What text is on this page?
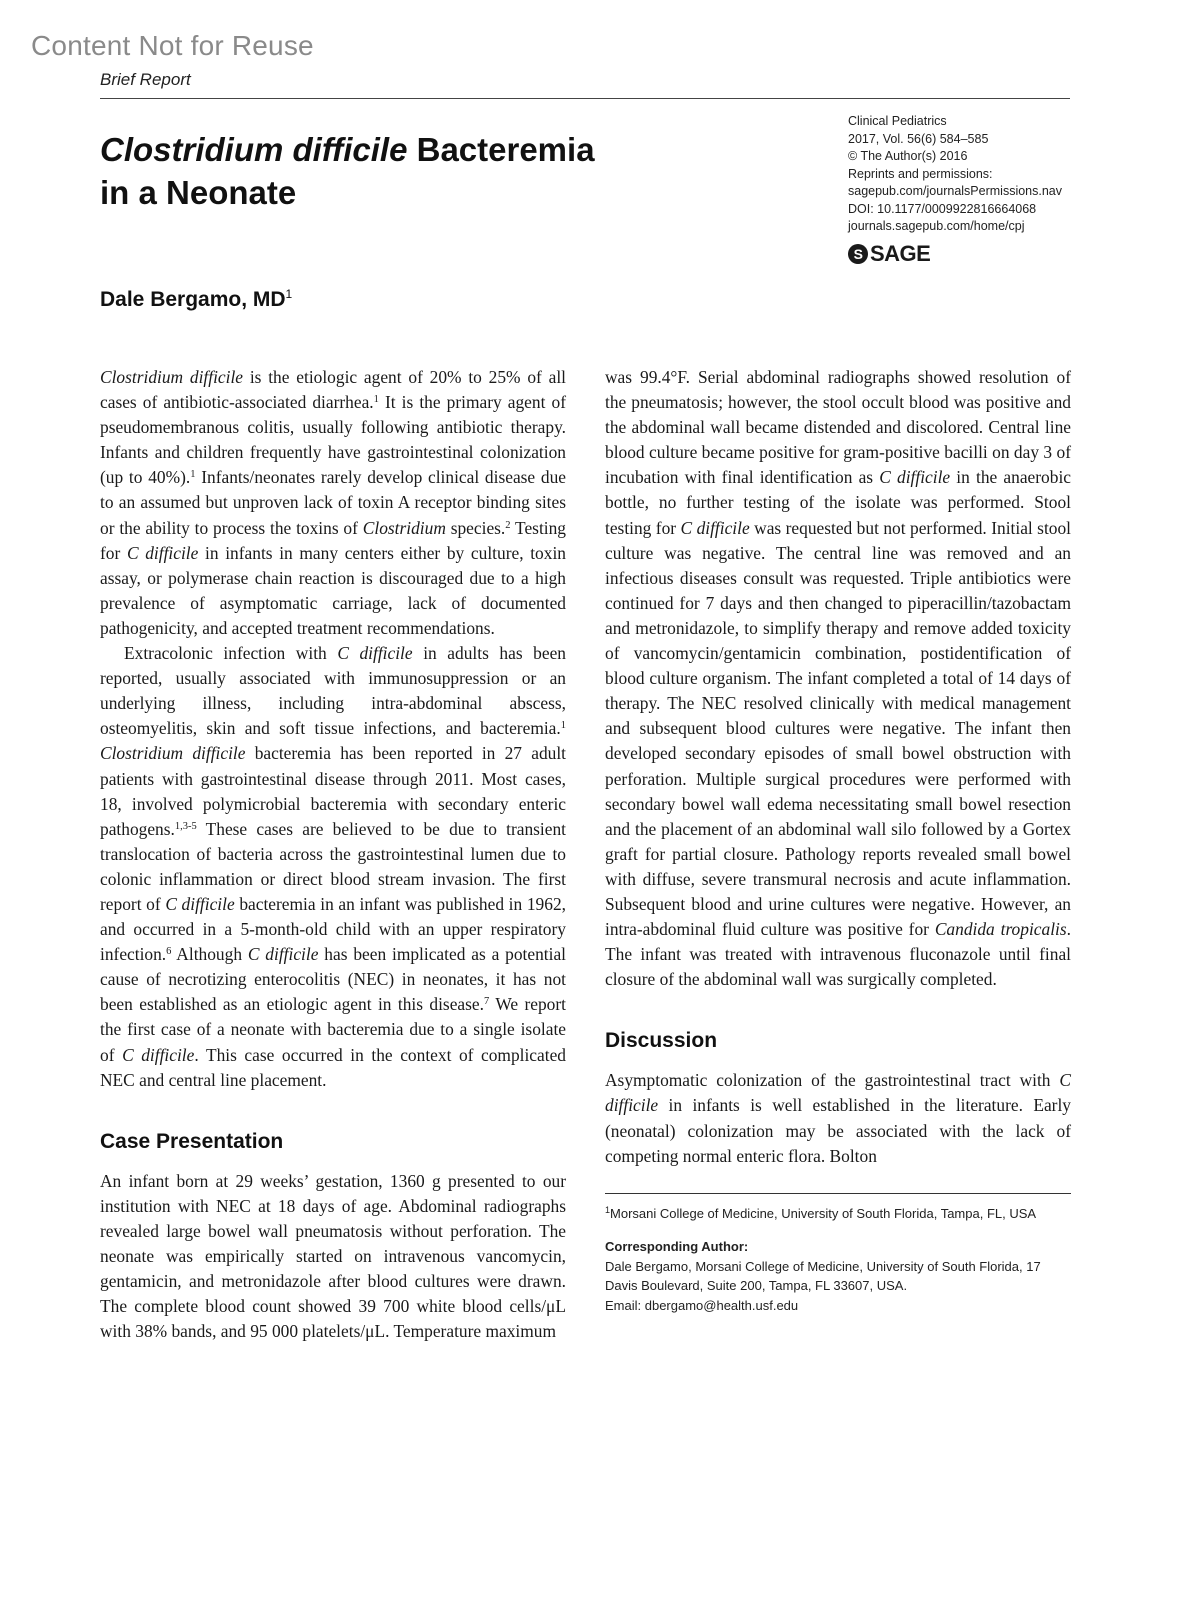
Content Not for Reuse
Brief Report
Clostridium difficile Bacteremia
in a Neonate
Clinical Pediatrics
2017, Vol. 56(6) 584–585
© The Author(s) 2016
Reprints and permissions:
sagepub.com/journalsPermissions.nav
DOI: 10.1177/0009922816664068
journals.sagepub.com/home/cpj
S SAGE
Dale Bergamo, $MD^1$

Clostridium difficile is the etiologic agent of 20% to 25% of all cases of antibiotic-associated diarrhea.$^1$ It is the primary agent of pseudomembranous colitis, usually following antibiotic therapy. Infants and children frequently have gastrointestinal colonization (up to 40%).$^1$ Infants/neonates rarely develop clinical disease due to an assumed but unproven lack of toxin A receptor binding sites or the ability to process the toxins of Clostridium species.$^2$ Testing for C difficile in infants in many centers either by culture, toxin assay, or polymerase chain reaction is discouraged due to a high prevalence of asymptomatic carriage, lack of documented pathogenicity, and accepted treatment recommendations.

Extracolonic infection with C difficile in adults has been reported, usually associated with immunosuppression or an underlying illness, including intra-abdominal abscess, osteomyelitis, skin and soft tissue infections, and bacteremia.$^1$ Clostridium difficile bacteremia has been reported in 27 adult patients with gastrointestinal disease through 2011. Most cases, 18, involved polymicrobial bacteremia with secondary enteric pathogens.$^{1,3-5}$ These cases are believed to be due to transient translocation of bacteria across the gastrointestinal lumen due to colonic inflammation or direct blood stream invasion. The first report of C difficile bacteremia in an infant was published in 1962, and occurred in a 5-month-old child with an upper respiratory infection.$^6$ Although C difficile has been implicated as a potential cause of necrotizing enterocolitis (NEC) in neonates, it has not been established as an etiologic agent in this disease.$^7$ We report the first case of a neonate with bacteremia due to a single isolate of C difficile. This case occurred in the context of complicated NEC and central line placement.

Case Presentation

An infant born at 29 weeks’ gestation, 1360 g presented to our institution with NEC at 18 days of age. Abdominal radiographs revealed large bowel wall pneumatosis without perforation. The neonate was empirically started on intravenous vancomycin, gentamicin, and metronidazole after blood cultures were drawn. The complete blood count showed 39 700 white blood cells/μL with 38% bands, and 95 000 platelets/μL. Temperature maximum

was 99.4°F. Serial abdominal radiographs showed resolution of the pneumatosis; however, the stool occult blood was positive and the abdominal wall became distended and discolored. Central line blood culture became positive for gram-positive bacilli on day 3 of incubation with final identification as C difficile in the anaerobic bottle, no further testing of the isolate was performed. Stool testing for C difficile was requested but not performed. Initial stool culture was negative. The central line was removed and an infectious diseases consult was requested. Triple antibiotics were continued for 7 days and then changed to piperacillin/tazobactam and metronidazole, to simplify therapy and remove added toxicity of vancomycin/gentamicin combination, postidentification of blood culture organism. The infant completed a total of 14 days of therapy. The NEC resolved clinically with medical management and subsequent blood cultures were negative. The infant then developed secondary episodes of small bowel obstruction with perforation. Multiple surgical procedures were performed with secondary bowel wall edema necessitating small bowel resection and the placement of an abdominal wall silo followed by a Gortex graft for partial closure. Pathology reports revealed small bowel with diffuse, severe transmural necrosis and acute inflammation. Subsequent blood and urine cultures were negative. However, an intra-abdominal fluid culture was positive for Candida tropicalis. The infant was treated with intravenous fluconazole until final closure of the abdominal wall was surgically completed.

Discussion

Asymptomatic colonization of the gastrointestinal tract with C difficile in infants is well established in the literature. Early (neonatal) colonization may be associated with the lack of competing normal enteric flora. Bolton

$^1$Morsani College of Medicine, University of South Florida, Tampa, FL, USA

Corresponding Author:
Dale Bergamo, Morsani College of Medicine, University of South Florida, 17 Davis Boulevard, Suite 200, Tampa, FL 33607, USA.
Email: dbergamo@health.usf.edu
